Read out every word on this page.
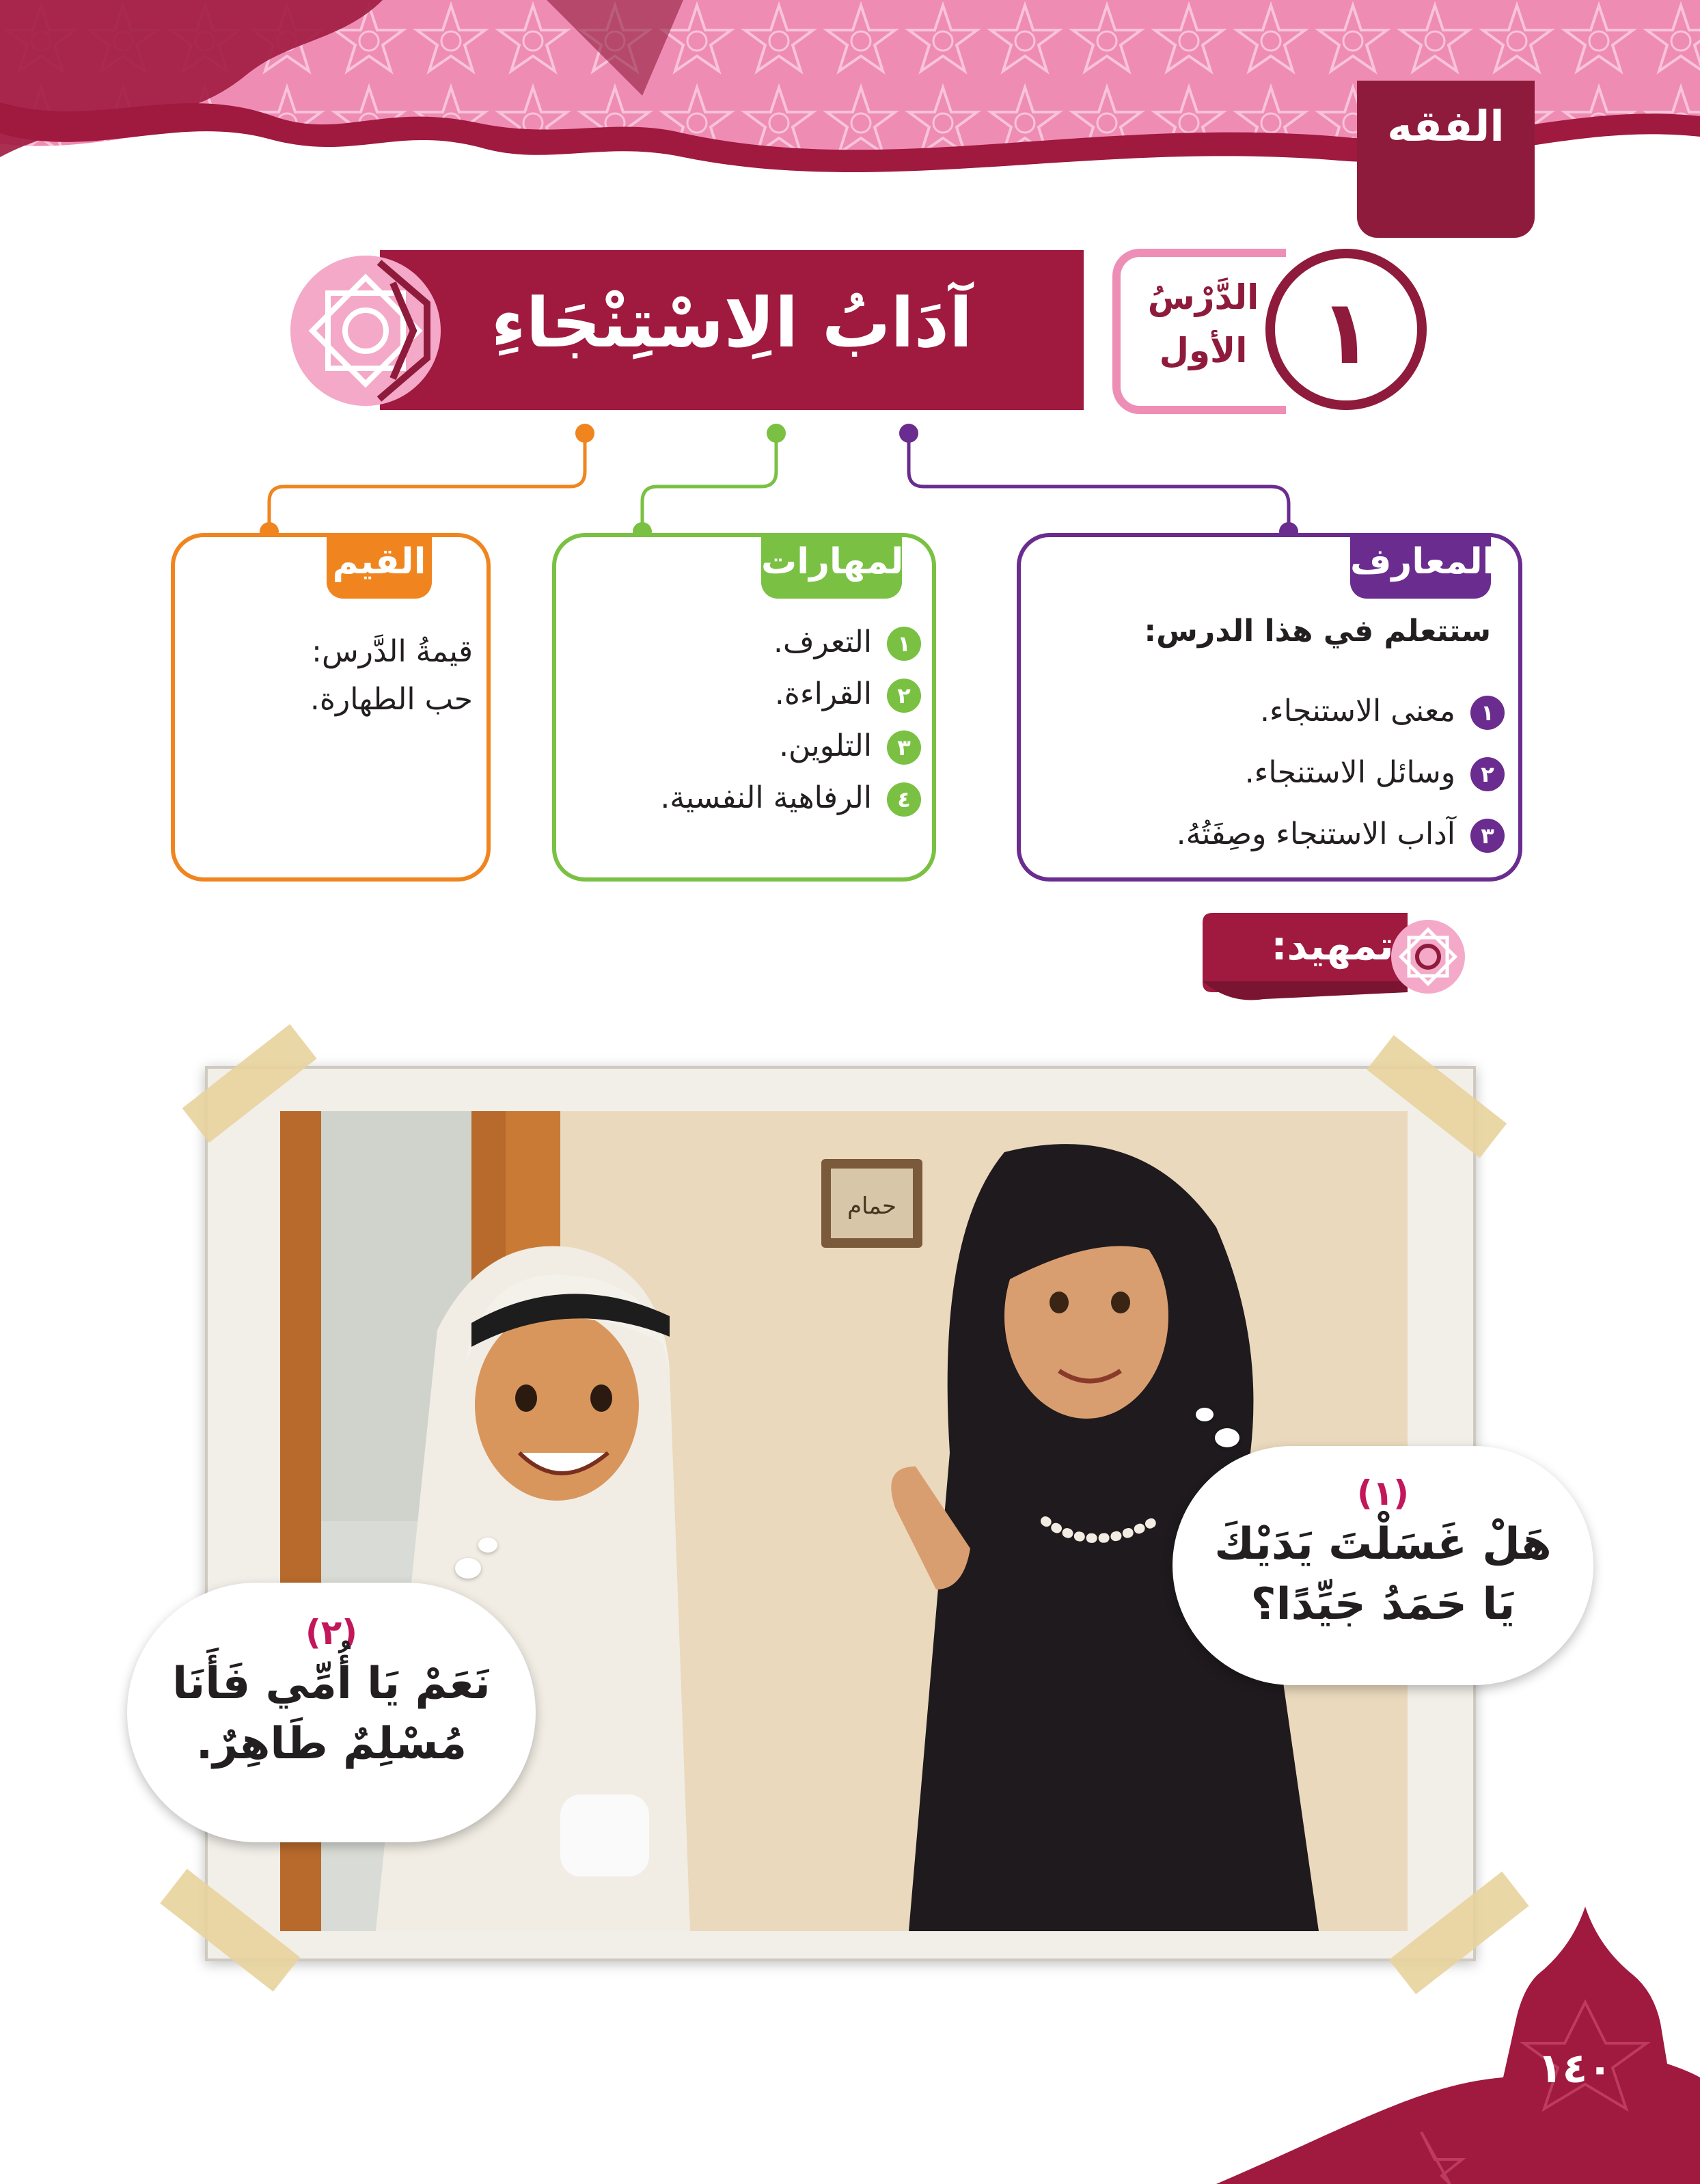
الفقه
الدَّرْسُ
الأول ١
آدَابُ الِاسْتِنْجَاءِ
المعارف
ستتعلم في هذا الدرس:
١معنى الاستنجاء.
٢وسائل الاستنجاء.
٣آداب الاستنجاء وصِفَتُهُ.
المهارات
١التعرف.
٢القراءة.
٣التلوين.
٤الرفاهية النفسية.
القيم
قيمةُ الدَّرس:
حب الطهارة.
تمهيد:
حمام
(١)
هَلْ غَسَلْتَ يَدَيْكَ
يَا حَمَدُ جَيِّدًا؟
(٢)
نَعَمْ يَا أُمِّي فَأَنَا
مُسْلِمٌ طَاهِرٌ.
١٤٠
